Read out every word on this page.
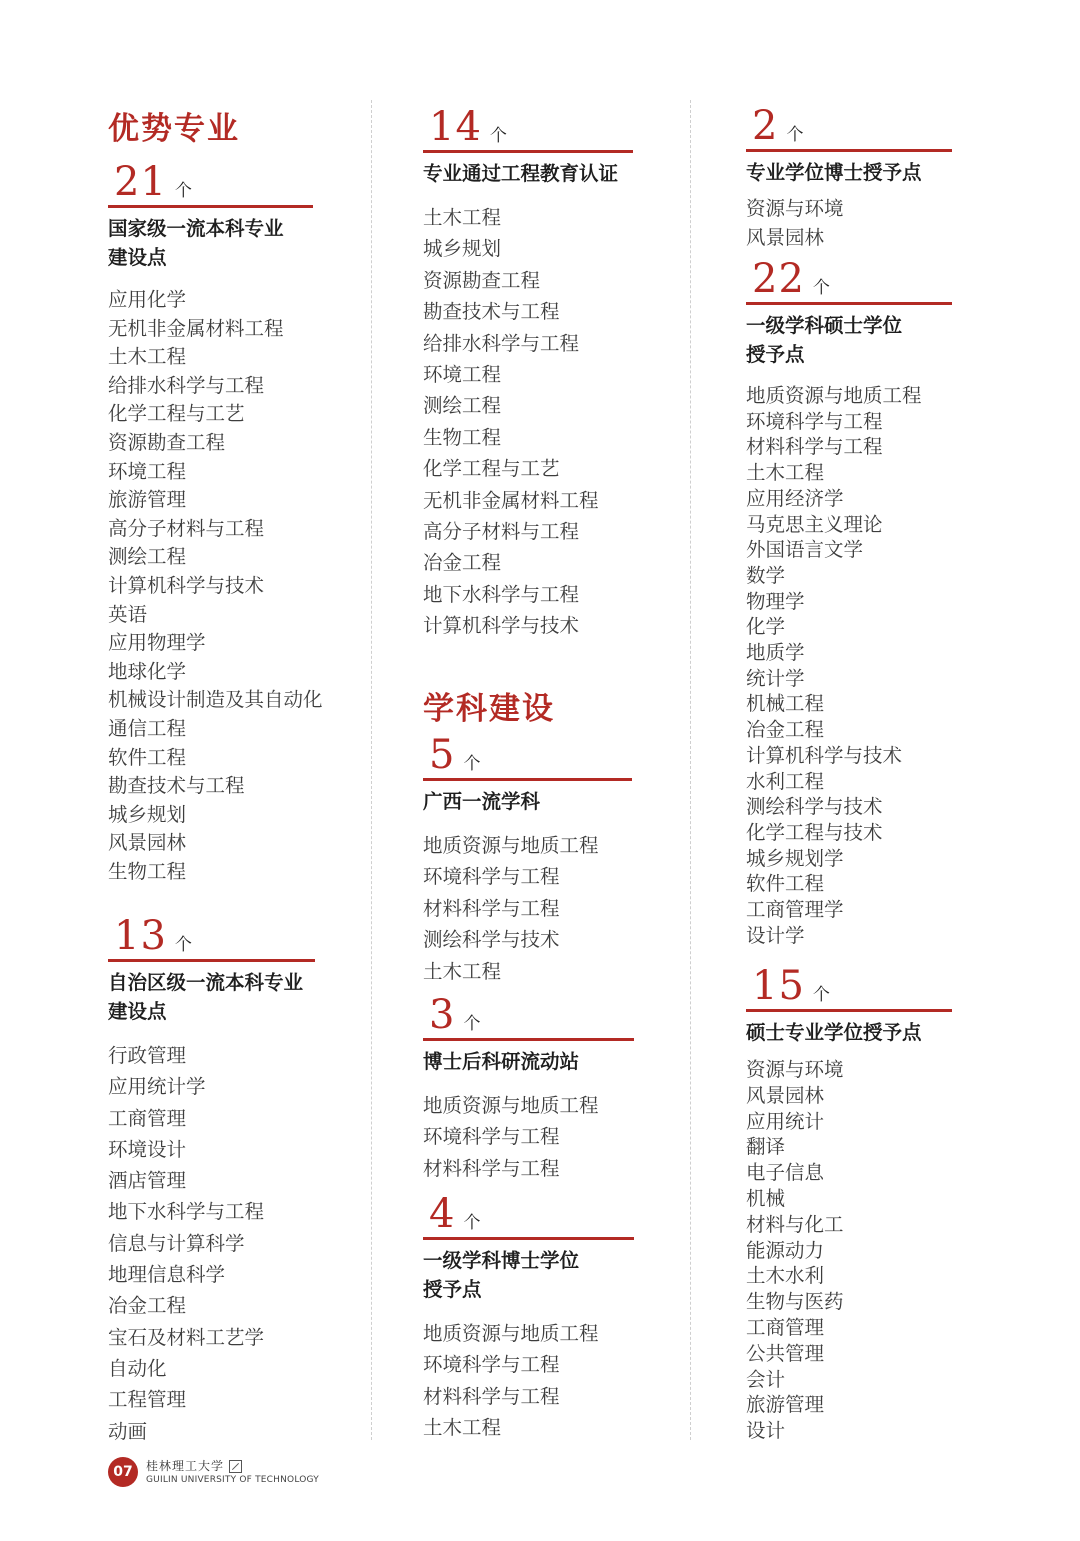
优势专业
21 个
国家级一流本科专业
建设点
应用化学
无机非金属材料工程
土木工程
给排水科学与工程
化学工程与工艺
资源勘查工程
环境工程
旅游管理
高分子材料与工程
测绘工程
计算机科学与技术
英语
应用物理学
地球化学
机械设计制造及其自动化
通信工程
软件工程
勘查技术与工程
城乡规划
风景园林
生物工程
13 个
自治区级一流本科专业
建设点
行政管理
应用统计学
工商管理
环境设计
酒店管理
地下水科学与工程
信息与计算科学
地理信息科学
冶金工程
宝石及材料工艺学
自动化
工程管理
动画
14 个
专业通过工程教育认证
土木工程
城乡规划
资源勘查工程
勘查技术与工程
给排水科学与工程
环境工程
测绘工程
生物工程
化学工程与工艺
无机非金属材料工程
高分子材料与工程
冶金工程
地下水科学与工程
计算机科学与技术
学科建设
5 个
广西一流学科
地质资源与地质工程
环境科学与工程
材料科学与工程
测绘科学与技术
土木工程
3 个
博士后科研流动站
地质资源与地质工程
环境科学与工程
材料科学与工程
4 个
一级学科博士学位
授予点
地质资源与地质工程
环境科学与工程
材料科学与工程
土木工程
2 个
专业学位博士授予点
资源与环境
风景园林
22 个
一级学科硕士学位
授予点
地质资源与地质工程
环境科学与工程
材料科学与工程
土木工程
应用经济学
马克思主义理论
外国语言文学
数学
物理学
化学
地质学
统计学
机械工程
冶金工程
计算机科学与技术
水利工程
测绘科学与技术
化学工程与技术
城乡规划学
软件工程
工商管理学
设计学
15 个
硕士专业学位授予点
资源与环境
风景园林
应用统计
翻译
电子信息
机械
材料与化工
能源动力
土木水利
生物与医药
工商管理
公共管理
会计
旅游管理
设计
07	桂林理工大学
GUILIN UNIVERSITY OF TECHNOLOGY
